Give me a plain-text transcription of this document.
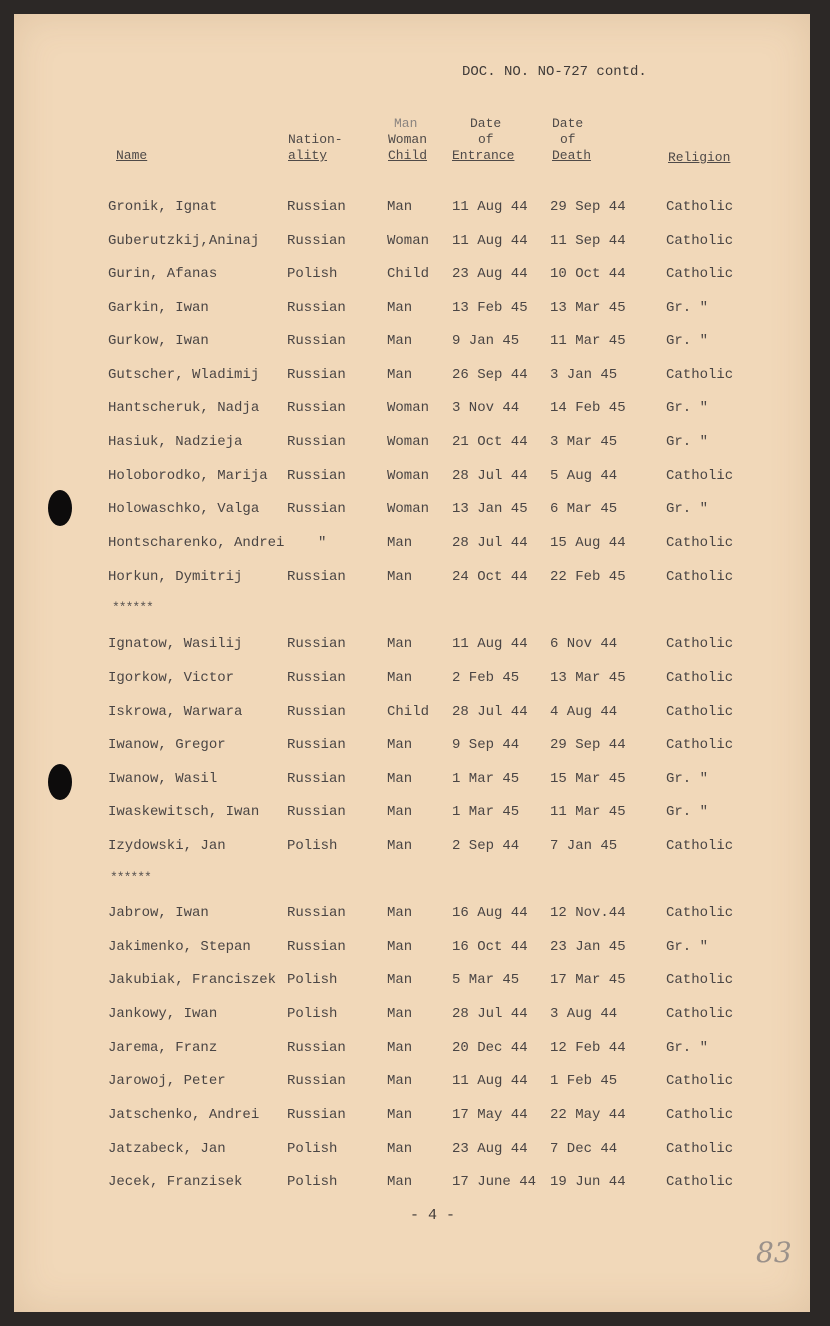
DOC. NO. NO-727 contd.
Name
Nation-
ality
Man
Woman
Child
Date
of
Entrance
Date
of
Death	Religion
Gronik, Ignat	Russian	Man	11 Aug 44 29 Sep 44	Catholic
Guberutzkij,Aninaj Russian	Woman 11 Aug 44 11 Sep 44	Catholic
Gurin, Afanas	Polish	Child 23 Aug 44 10 Oct 44	Catholic
Garkin, Iwan	Russian	Man	13 Feb 45 13 Mar 45	Gr. "
Gurkow, Iwan	Russian	Man	9 Jan 45 11 Mar 45	Gr. "
Gutscher, Wladimij Russian	Man	26 Sep 44 3 Jan 45	Catholic
Hantscheruk, Nadja Russian	Woman 3 Nov 44 14 Feb 45	Gr. "
Hasiuk, Nadzieja	Russian	Woman 21 Oct 44 3 Mar 45	Gr. "
Holoborodko, Marija Russian	Woman 28 Jul 44 5 Aug 44	Catholic
Holowaschko, Valga Russian	Woman 13 Jan 45 6 Mar 45	Gr. "
Hontscharenko, Andrei "	Man	28 Jul 44 15 Aug 44	Catholic
Horkun, Dymitrij	Russian	Man	24 Oct 44 22 Feb 45	Catholic
Ignatow, Wasilij	Russian	Man	11 Aug 44 6 Nov 44	Catholic
Igorkow, Victor	Russian	Man	2 Feb 45 13 Mar 45	Catholic
Iskrowa, Warwara	Russian	Child 28 Jul 44 4 Aug 44	Catholic
Iwanow, Gregor	Russian	Man	9 Sep 44 29 Sep 44	Catholic
Iwanow, Wasil	Russian	Man	1 Mar 45 15 Mar 45	Gr. "
Iwaskewitsch, Iwan Russian	Man	1 Mar 45 11 Mar 45	Gr. "
Izydowski, Jan	Polish	Man	2 Sep 44 7 Jan 45	Catholic
Jabrow, Iwan	Russian	Man	16 Aug 44 12 Nov.44	Catholic
Jakimenko, Stepan	Russian	Man	16 Oct 44 23 Jan 45	Gr. "
Jakubiak, Franciszek Polish	Man	5 Mar 45 17 Mar 45	Catholic
Jankowy, Iwan	Polish	Man	28 Jul 44 3 Aug 44	Catholic
Jarema, Franz	Russian	Man	20 Dec 44 12 Feb 44	Gr. "
Jarowoj, Peter	Russian	Man	11 Aug 44 1 Feb 45	Catholic
Jatschenko, Andrei Russian	Man	17 May 44 22 May 44	Catholic
Jatzabeck, Jan	Polish	Man	23 Aug 44 7 Dec 44	Catholic
Jecek, Franzisek	Polish	Man	17 June 44 19 Jun 44	Catholic
******
******
- 4 -
83
